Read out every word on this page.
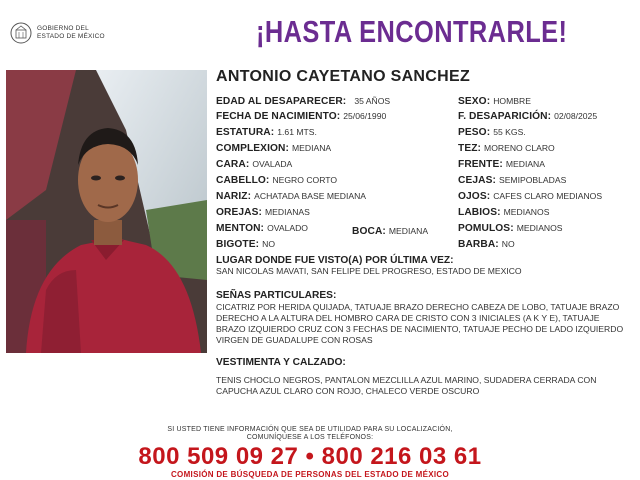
GOBIERNO DEL
ESTADO DE MÉXICO	¡HASTA ENCONTRARLE!
ANTONIO CAYETANO SANCHEZ
EDAD AL DESAPARECER: 35 AÑOS
FECHA DE NACIMIENTO: 25/06/1990
ESTATURA: 1.61 MTS.
COMPLEXION: MEDIANA
CARA: OVALADA
CABELLO: NEGRO CORTO
NARIZ: ACHATADA BASE MEDIANA
OREJAS: MEDIANAS
MENTON: OVALADO	BOCA: MEDIANA
BIGOTE: NO
SEXO: HOMBRE
F. DESAPARICIÓN: 02/08/2025
PESO: 55 KGS.
TEZ: MORENO CLARO
FRENTE: MEDIANA
CEJAS: SEMIPOBLADAS
OJOS: CAFES CLARO MEDIANOS
LABIOS: MEDIANOS
POMULOS: MEDIANOS
BARBA: NO
LUGAR DONDE FUE VISTO(A) POR ÚLTIMA VEZ:
SAN NICOLAS MAVATI, SAN FELIPE DEL PROGRESO, ESTADO DE MEXICO
SEÑAS PARTICULARES:
CICATRIZ POR HERIDA QUIJADA, TATUAJE BRAZO DERECHO CABEZA DE LOBO, TATUAJE BRAZO DERECHO A LA ALTURA DEL HOMBRO CARA DE CRISTO CON 3 INICIALES (A K Y E), TATUAJE BRAZO IZQUIERDO CRUZ CON 3 FECHAS DE NACIMIENTO, TATUAJE PECHO DE LADO IZQUIERDO VIRGEN DE GUADALUPE CON ROSAS
VESTIMENTA Y CALZADO:
TENIS CHOCLO NEGROS, PANTALON MEZCLILLA AZUL MARINO, SUDADERA CERRADA CON CAPUCHA AZUL CLARO CON ROJO, CHALECO VERDE OSCURO
SI USTED TIENE INFORMACIÓN QUE SEA DE UTILIDAD PARA SU LOCALIZACIÓN,
COMUNÍQUESE A LOS TELÉFONOS:
800 509 09 27 • 800 216 03 61
COMISIÓN DE BÚSQUEDA DE PERSONAS DEL ESTADO DE MÉXICO
